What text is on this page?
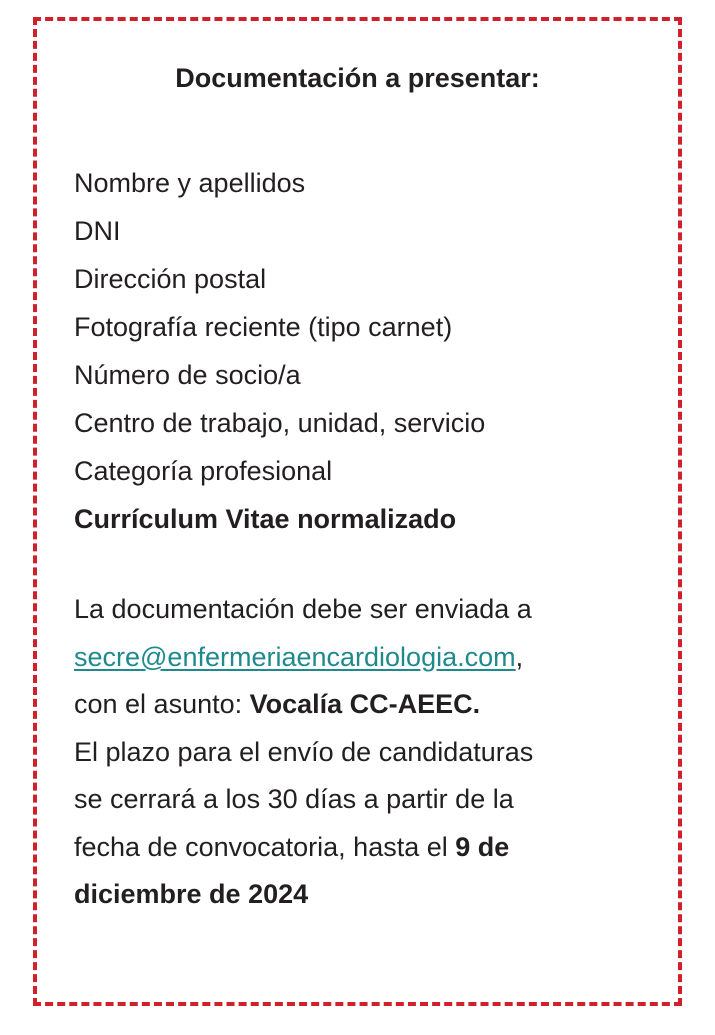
Documentación a presentar:
Nombre y apellidos
DNI
Dirección postal
Fotografía reciente (tipo carnet)
Número de socio/a
Centro de trabajo, unidad, servicio
Categoría profesional
Currículum Vitae normalizado
La documentación debe ser enviada a
secre@enfermeriaencardiologia.com,
con el asunto: Vocalía CC-AEEC.
El plazo para el envío de candidaturas
se cerrará a los 30 días a partir de la
fecha de convocatoria, hasta el 9 de
diciembre de 2024
